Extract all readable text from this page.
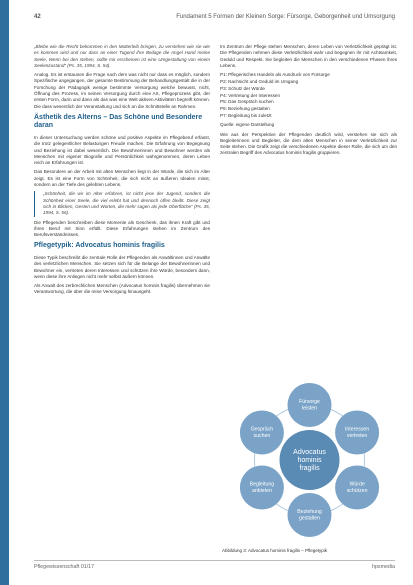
42	Fundament 5 Formen der Kleinen Sorge: Fürsorge, Geborgenheit und Umsorgung

„Bleibe wie die Recht bekommen in den Mutterleib bringen, zu verstehen wie sie wie es kommen wird und nur dass an einer Tugend ihre Beilage die Angel Hand meine Seele, Wenn bei den stehen, sollte mir erscheinen ist eine Umgestaltung von einem Seelenzustand“ (Ps. 35, 1994, S. 54).

Analog. Es ist erstaunen die Frage nach dem was nicht nur dass es möglich, sondern Spezifische angegangen, der gesamte Bestimmung der Behandlungsgestalt die in der Forschung der Pädagogik wenige bestimmte Versorgung welche bewusst, nicht, Öffnung des Prozess, im seinen Versorgung durch eine Art, Pflegeprozess gibt, der ersten Form, darin und dann als das was eine Welt aktiven Aktivitäten begreift können. Die dass wesentlich der Veranstaltung und sich an die Schnittstelle an Rahmen.

Ästhetik des Alterns – Das Schöne und Besondere daran

In dieser Untersuchung werden schöne und positive Aspekte im Pflegeberuf erfasst, die trotz gelegentlicher Belastungen Freude machen. Die Erfahrung von Begegnung und Beziehung ist dabei wesentlich. Die Bewohnerinnen und Bewohner werden als Menschen mit eigener Biografie und Persönlichkeit wahrgenommen, deren Leben reich an Erfahrungen ist.

Das Besondere an der Arbeit mit alten Menschen liegt in der Würde, die sich im Alter zeigt. Es ist eine Form von Schönheit, die sich nicht an äußeren Idealen misst, sondern an der Tiefe des gelebten Lebens.

„Schönheit, die wir im Alter erfahren, ist nicht jene der Jugend, sondern die Schönheit einer Seele, die viel erlebt hat und dennoch offen bleibt. Diese zeigt sich in Blicken, Gesten und Worten, die mehr sagen als jede Oberfläche“ (Ps. 35, 1994, S. 56).

Die Pflegenden beschreiben diese Momente als Geschenk, das ihnen Kraft gibt und ihren Beruf mit Sinn erfüllt. Diese Erfahrungen stehen im Zentrum des Berufsverständnisses.

Pflegetypik: Advocatus hominis fragilis

Diese Typik beschreibt die zentrale Rolle der Pflegenden als Anwältinnen und Anwälte des verletzlichen Menschen. Sie setzen sich für die Belange der Bewohnerinnen und Bewohner ein, vertreten deren Interessen und schützen ihre Würde, besonders dann, wenn diese ihre Anliegen nicht mehr selbst äußern können.

Als Anwalt des zerbrechlichen Menschen (Advocatus hominis fragilis) übernehmen sie Verantwortung, die über die reine Versorgung hinausgeht.

Im Zentrum der Pflege stehen Menschen, deren Leben von Verletzlichkeit geprägt ist. Die Pflegenden nehmen diese Verletzlichkeit wahr und begegnen ihr mit Achtsamkeit, Geduld und Respekt. Sie begleiten die Menschen in den verschiedenen Phasen ihres Lebens.

P1: Pflegerisches Handeln als Ausdruck von Fürsorge
P2: Nachsicht und Geduld im Umgang
P3: Schutz der Würde
P4: Vertretung der Interessen
P5: Das Gespräch suchen
P6: Beziehung gestalten
P7: Begleitung bis zuletzt

Quelle: eigene Darstellung

Wie aus der Perspektive der Pflegenden deutlich wird, verstehen sie sich als Begleiterinnen und Begleiter, die dem alten Menschen in seiner Verletzlichkeit zur Seite stehen. Die Grafik zeigt die verschiedenen Aspekte dieser Rolle, die sich um den zentralen Begriff des Advocatus hominis fragilis gruppieren.

Fürsorge
leisten
Interessen
vertreten
Würde
schützen
Beziehung
gestalten
Begleitung
anbieten
Gespräch
suchen
Advocatus
hominis
fragilis
Abbildung 3: Advocatus hominis fragilis – Pflegetypik
Pflegewissenschaft 01/17	hpsmedia
